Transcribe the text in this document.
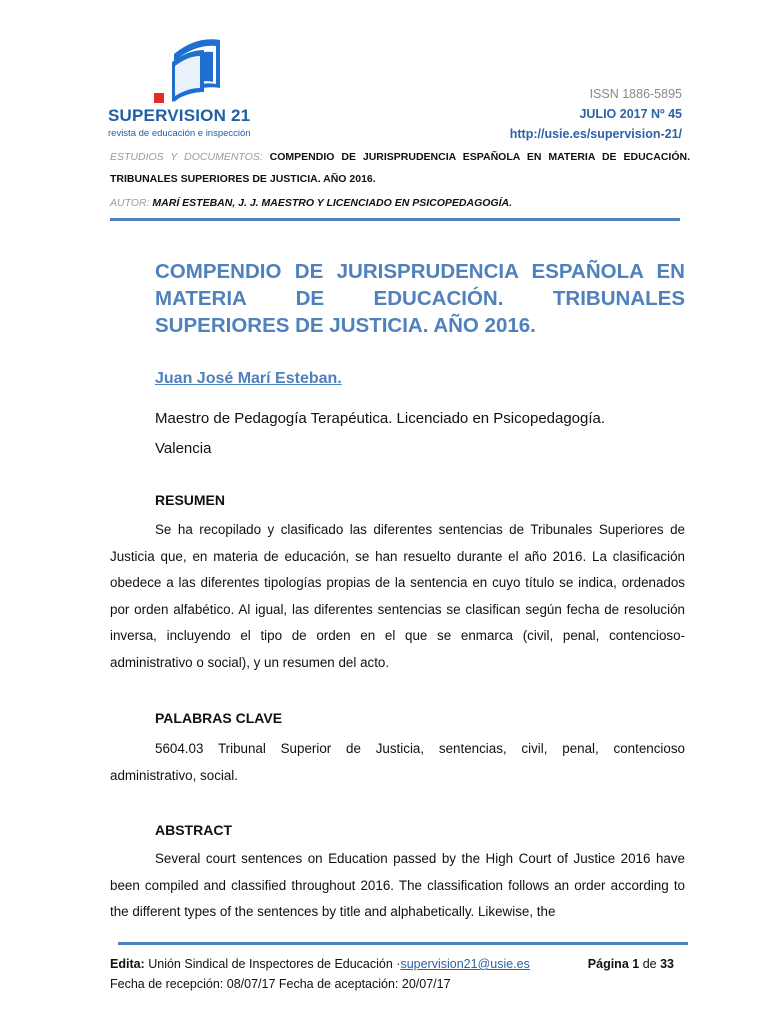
SUPERVISION 21
revista de educación e inspección
ISSN 1886-5895
JULIO 2017 Nº 45
http://usie.es/supervision-21/
ESTUDIOS Y DOCUMENTOS: COMPENDIO DE JURISPRUDENCIA ESPAÑOLA EN MATERIA DE EDUCACIÓN. TRIBUNALES SUPERIORES DE JUSTICIA. AÑO 2016.
AUTOR: MARÍ ESTEBAN, J. J. MAESTRO Y LICENCIADO EN PSICOPEDAGOGÍA.
COMPENDIO DE JURISPRUDENCIA ESPAÑOLA EN MATERIA DE EDUCACIÓN. TRIBUNALES SUPERIORES DE JUSTICIA. AÑO 2016.
Juan José Marí Esteban.
Maestro de Pedagogía Terapéutica. Licenciado en Psicopedagogía.
Valencia
RESUMEN
Se ha recopilado y clasificado las diferentes sentencias de Tribunales Superiores de Justicia que, en materia de educación, se han resuelto durante el año 2016. La clasificación obedece a las diferentes tipologías propias de la sentencia en cuyo título se indica, ordenados por orden alfabético. Al igual, las diferentes sentencias se clasifican según fecha de resolución inversa, incluyendo el tipo de orden en el que se enmarca (civil, penal, contencioso-administrativo o social), y un resumen del acto.
PALABRAS CLAVE
5604.03 Tribunal Superior de Justicia, sentencias, civil, penal, contencioso administrativo, social.
ABSTRACT
Several court sentences on Education passed by the High Court of Justice 2016 have been compiled and classified throughout 2016. The classification follows an order according to the different types of the sentences by title and alphabetically. Likewise, the
Edita: Unión Sindical de Inspectores de Educación ·supervision21@usie.es
Fecha de recepción: 08/07/17 Fecha de aceptación: 20/07/17
Página 1 de 33
